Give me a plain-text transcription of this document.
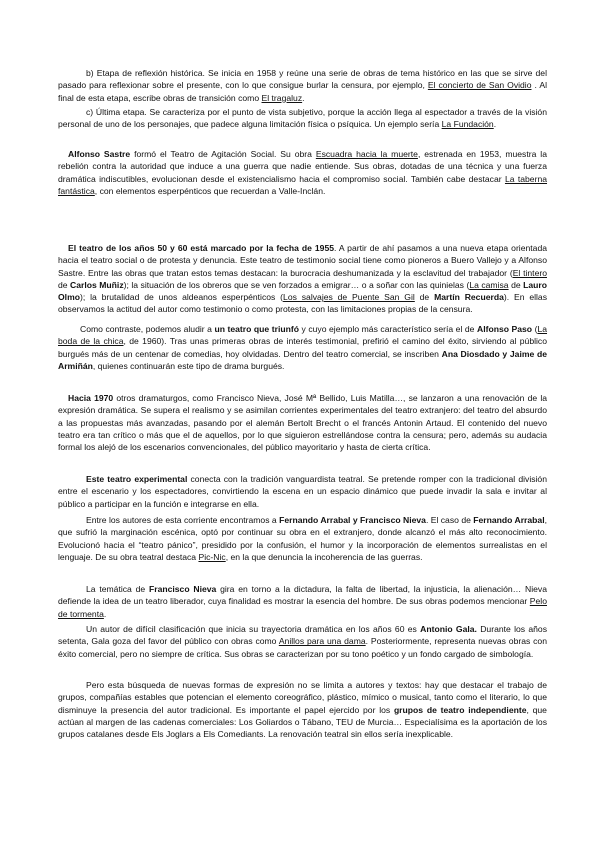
b) Etapa de reflexión histórica. Se inicia en 1958 y reúne una serie de obras de tema histórico en las que se sirve del pasado para reflexionar sobre el presente, con lo que consigue burlar la censura, por ejemplo, El concierto de San Ovidio . Al final de esta etapa, escribe obras de transición como El tragaluz.

c) Última etapa. Se caracteriza por el punto de vista subjetivo, porque la acción llega al espectador a través de la visión personal de uno de los personajes, que padece alguna limitación física o psíquica. Un ejemplo sería La Fundación.

Alfonso Sastre formó el Teatro de Agitación Social. Su obra Escuadra hacia la muerte, estrenada en 1953, muestra la rebelión contra la autoridad que induce a una guerra que nadie entiende. Sus obras, dotadas de una técnica y una fuerza dramática indiscutibles, evolucionan desde el existencialismo hacia el compromiso social. También cabe destacar La taberna fantástica, con elementos esperpénticos que recuerdan a Valle-Inclán.

El teatro de los años 50 y 60 está marcado por la fecha de 1955. A partir de ahí pasamos a una nueva etapa orientada hacia el teatro social o de protesta y denuncia. Este teatro de testimonio social tiene como pioneros a Buero Vallejo y a Alfonso Sastre. Entre las obras que tratan estos temas destacan: la burocracia deshumanizada y la esclavitud del trabajador (El tintero de Carlos Muñiz); la situación de los obreros que se ven forzados a emigrar… o a soñar con las quinielas (La camisa de Lauro Olmo); la brutalidad de unos aldeanos esperpénticos (Los salvajes de Puente San Gil de Martín Recuerda). En ellas observamos la actitud del autor como testimonio o como protesta, con las limitaciones propias de la censura.

Como contraste, podemos aludir a un teatro que triunfó y cuyo ejemplo más característico sería el de Alfonso Paso (La boda de la chica, de 1960). Tras unas primeras obras de interés testimonial, prefirió el camino del éxito, sirviendo al público burgués más de un centenar de comedias, hoy olvidadas. Dentro del teatro comercial, se inscriben Ana Diosdado y Jaime de Armiñán, quienes continuarán este tipo de drama burgués.

Hacia 1970 otros dramaturgos, como Francisco Nieva, José Mª Bellido, Luis Matilla…, se lanzaron a una renovación de la expresión dramática. Se supera el realismo y se asimilan corrientes experimentales del teatro extranjero: del teatro del absurdo a las propuestas más avanzadas, pasando por el alemán Bertolt Brecht o el francés Antonin Artaud. El contenido del nuevo teatro era tan crítico o más que el de aquellos, por lo que siguieron estrellándose contra la censura; pero, además su audacia formal los alejó de los escenarios convencionales, del público mayoritario y hasta de cierta crítica.

Este teatro experimental conecta con la tradición vanguardista teatral. Se pretende romper con la tradicional división entre el escenario y los espectadores, convirtiendo la escena en un espacio dinámico que puede invadir la sala e invitar al público a participar en la función e integrarse en ella.

Entre los autores de esta corriente encontramos a Fernando Arrabal y Francisco Nieva. El caso de Fernando Arrabal, que sufrió la marginación escénica, optó por continuar su obra en el extranjero, donde alcanzó el más alto reconocimiento. Evolucionó hacia el “teatro pánico”, presidido por la confusión, el humor y la incorporación de elementos surrealistas en el lenguaje. De su obra teatral destaca Pic-Nic, en la que denuncia la incoherencia de las guerras.

La temática de Francisco Nieva gira en torno a la dictadura, la falta de libertad, la injusticia, la alienación… Nieva defiende la idea de un teatro liberador, cuya finalidad es mostrar la esencia del hombre. De sus obras podemos mencionar Pelo de tormenta.

Un autor de difícil clasificación que inicia su trayectoria dramática en los años 60 es Antonio Gala. Durante los años setenta, Gala goza del favor del público con obras como Anillos para una dama. Posteriormente, representa nuevas obras con éxito comercial, pero no siempre de crítica. Sus obras se caracterizan por su tono poético y un fondo cargado de simbología.

Pero esta búsqueda de nuevas formas de expresión no se limita a autores y textos: hay que destacar el trabajo de grupos, compañías estables que potencian el elemento coreográfico, plástico, mímico o musical, tanto como el literario, lo que disminuye la presencia del autor tradicional. Es importante el papel ejercido por los grupos de teatro independiente, que actúan al margen de las cadenas comerciales: Los Goliardos o Tábano, TEU de Murcia… Especialísima es la aportación de los grupos catalanes desde Els Joglars a Els Comediants. La renovación teatral sin ellos sería inexplicable.
